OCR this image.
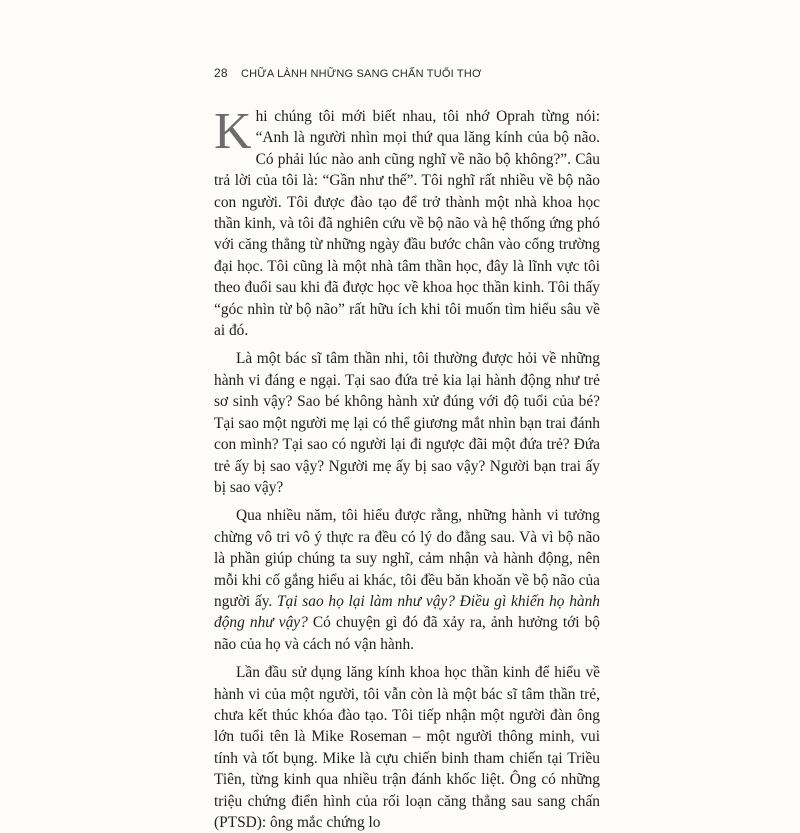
28 CHỮA LÀNH NHỮNG SANG CHẤN TUỔI THƠ

Khi chúng tôi mới biết nhau, tôi nhớ Oprah từng nói: “Anh là người nhìn mọi thứ qua lăng kính của bộ não. Có phải lúc nào anh cũng nghĩ về não bộ không?”. Câu trả lời của tôi là: “Gần như thế”. Tôi nghĩ rất nhiều về bộ não con người. Tôi được đào tạo để trở thành một nhà khoa học thần kinh, và tôi đã nghiên cứu về bộ não và hệ thống ứng phó với căng thẳng từ những ngày đầu bước chân vào cổng trường đại học. Tôi cũng là một nhà tâm thần học, đây là lĩnh vực tôi theo đuổi sau khi đã được học về khoa học thần kinh. Tôi thấy “góc nhìn từ bộ não” rất hữu ích khi tôi muốn tìm hiểu sâu về ai đó.

Là một bác sĩ tâm thần nhi, tôi thường được hỏi về những hành vi đáng e ngại. Tại sao đứa trẻ kia lại hành động như trẻ sơ sinh vậy? Sao bé không hành xử đúng với độ tuổi của bé? Tại sao một người mẹ lại có thể giương mắt nhìn bạn trai đánh con mình? Tại sao có người lại đi ngược đãi một đứa trẻ? Đứa trẻ ấy bị sao vậy? Người mẹ ấy bị sao vậy? Người bạn trai ấy bị sao vậy?

Qua nhiều năm, tôi hiểu được rằng, những hành vi tưởng chừng vô tri vô ý thực ra đều có lý do đằng sau. Và vì bộ não là phần giúp chúng ta suy nghĩ, cảm nhận và hành động, nên mỗi khi cố gắng hiểu ai khác, tôi đều băn khoăn về bộ não của người ấy. Tại sao họ lại làm như vậy? Điều gì khiến họ hành động như vậy? Có chuyện gì đó đã xảy ra, ảnh hưởng tới bộ não của họ và cách nó vận hành.

Lần đầu sử dụng lăng kính khoa học thần kinh để hiểu về hành vi của một người, tôi vẫn còn là một bác sĩ tâm thần trẻ, chưa kết thúc khóa đào tạo. Tôi tiếp nhận một người đàn ông lớn tuổi tên là Mike Roseman – một người thông minh, vui tính và tốt bụng. Mike là cựu chiến binh tham chiến tại Triều Tiên, từng kinh qua nhiều trận đánh khốc liệt. Ông có những triệu chứng điển hình của rối loạn căng thẳng sau sang chấn (PTSD): ông mắc chứng lo
